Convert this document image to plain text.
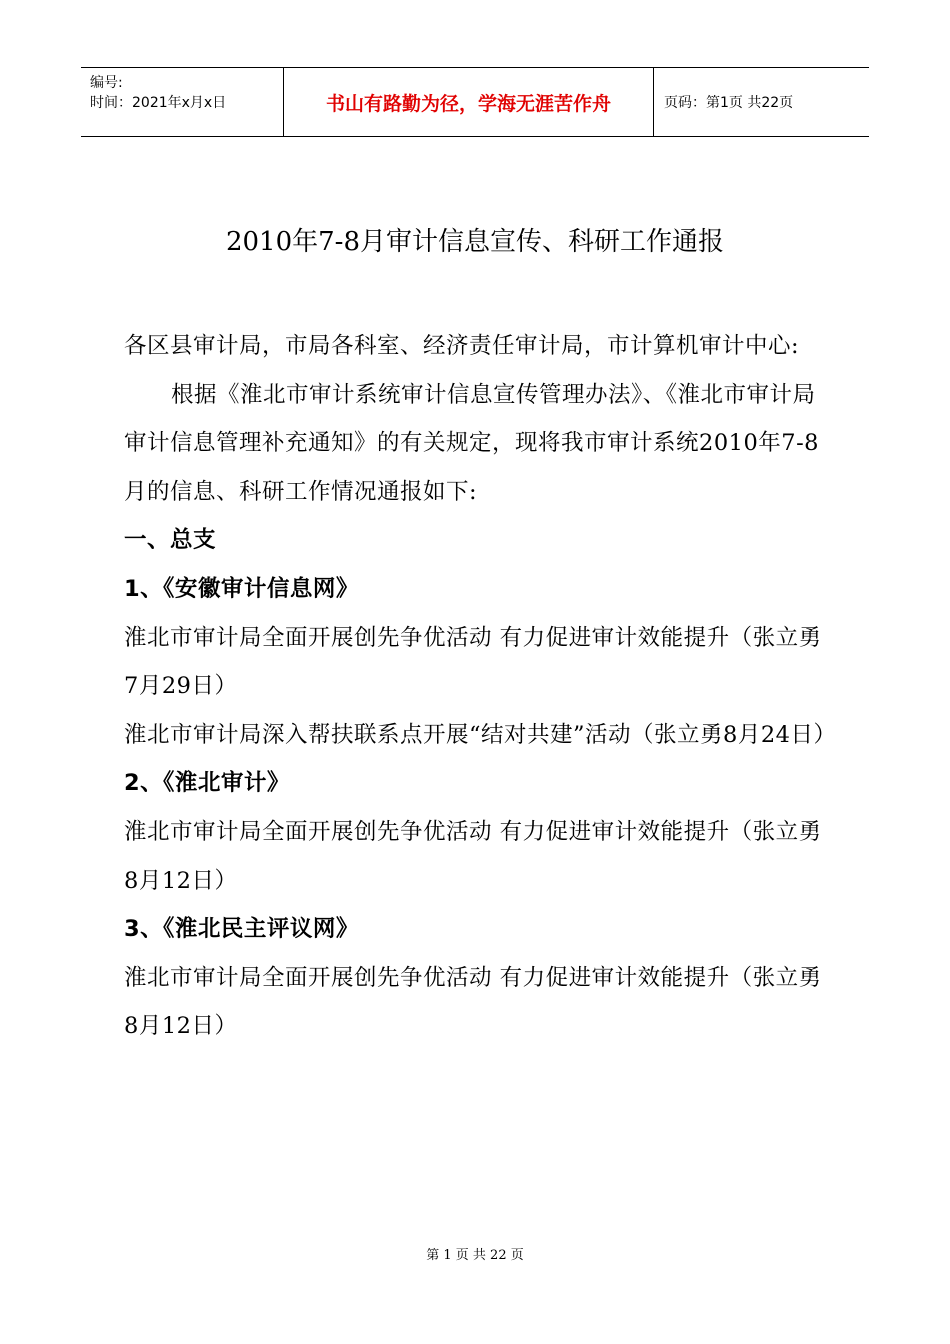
编号:
时间：2021年x月x日	书山有路勤为径，学海无涯苦作舟	页码：第1页 共22页
2010年7-8月审计信息宣传、科研工作通报

各区县审计局，市局各科室、经济责任审计局，市计算机审计中心:

根据《淮北市审计系统审计信息宣传管理办法》、《淮北市审计局审计信息管理补充通知》的有关规定，现将我市审计系统2010年7-8月的信息、科研工作情况通报如下:

一、总支

1、《安徽审计信息网》

淮北市审计局全面开展创先争优活动 有力促进审计效能提升（张立勇7月29日）

淮北市审计局深入帮扶联系点开展“结对共建”活动（张立勇8月24日）

2、《淮北审计》

淮北市审计局全面开展创先争优活动 有力促进审计效能提升（张立勇8月12日）

3、《淮北民主评议网》

淮北市审计局全面开展创先争优活动 有力促进审计效能提升（张立勇8月12日）

第 1 页 共 22 页
